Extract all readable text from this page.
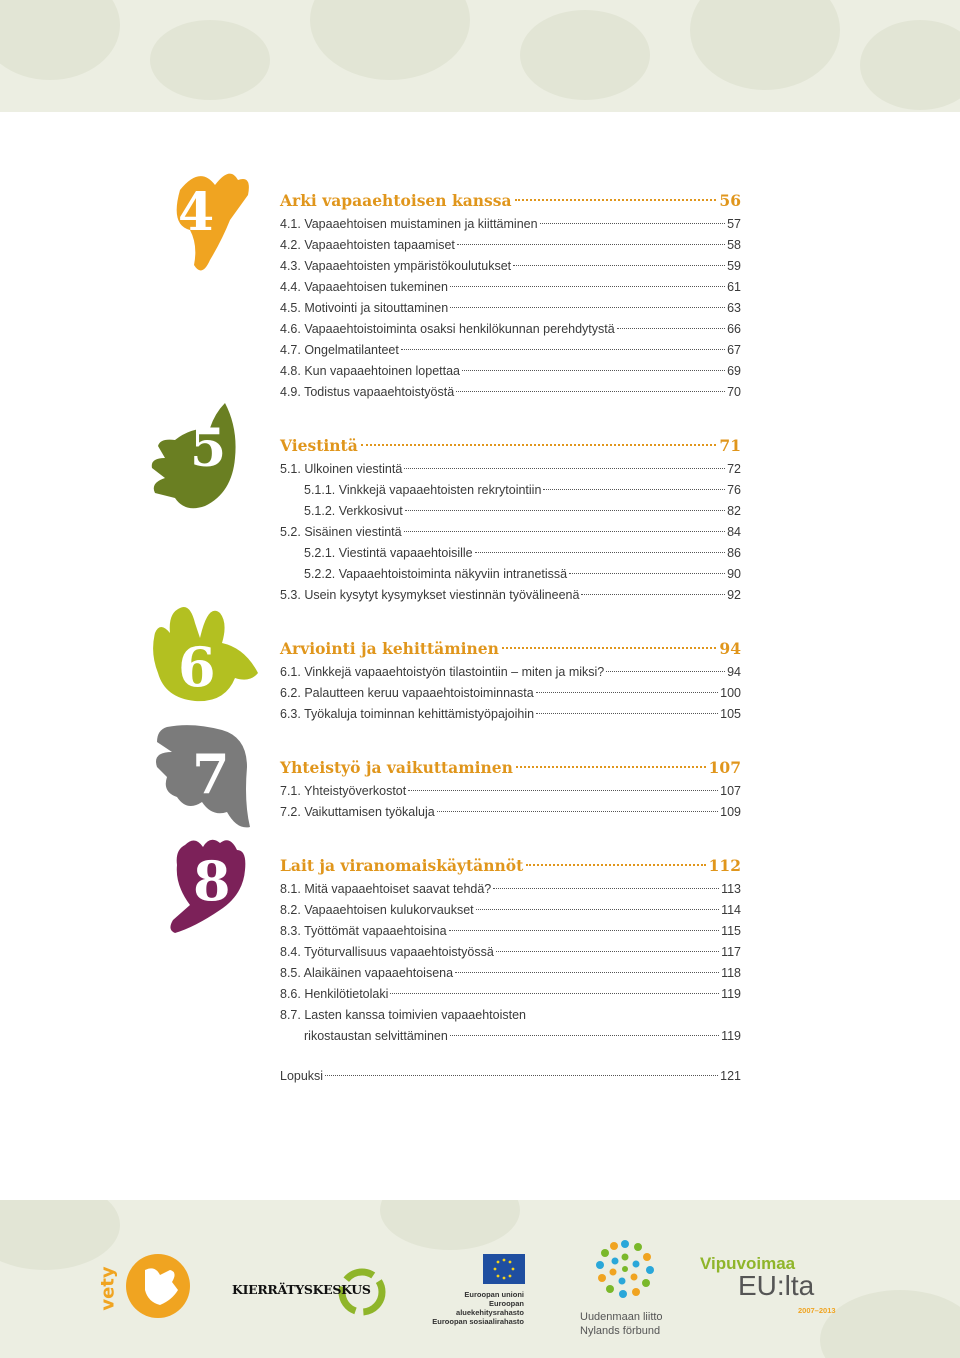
4
5
6
7
8
Arki vapaaehtoisen kanssa	56
4.1. Vapaaehtoisen muistaminen ja kiittäminen	57
4.2. Vapaaehtoisten tapaamiset	58
4.3. Vapaaehtoisten ympäristökoulutukset	59
4.4. Vapaaehtoisen tukeminen	61
4.5. Motivointi ja sitouttaminen	63
4.6. Vapaaehtoistoiminta osaksi henkilökunnan perehdytystä	66
4.7. Ongelmatilanteet	67
4.8. Kun vapaaehtoinen lopettaa	69
4.9. Todistus vapaaehtoistyöstä	70
Viestintä	71
5.1. Ulkoinen viestintä	72
5.1.1. Vinkkejä vapaaehtoisten rekrytointiin	76
5.1.2. Verkkosivut	82
5.2. Sisäinen viestintä	84
5.2.1. Viestintä vapaaehtoisille	86
5.2.2. Vapaaehtoistoiminta näkyviin intranetissä	90
5.3. Usein kysytyt kysymykset viestinnän työvälineenä	92
Arviointi ja kehittäminen	94
6.1. Vinkkejä vapaaehtoistyön tilastointiin – miten ja miksi?	94
6.2. Palautteen keruu vapaaehtoistoiminnasta	100
6.3. Työkaluja toiminnan kehittämistyöpajoihin	105
Yhteistyö ja vaikuttaminen	107
7.1. Yhteistyöverkostot	107
7.2. Vaikuttamisen työkaluja	109
Lait ja viranomaiskäytännöt	112
8.1. Mitä vapaaehtoiset saavat tehdä?	113
8.2. Vapaaehtoisen kulukorvaukset	114
8.3. Työttömät vapaaehtoisina	115
8.4. Työturvallisuus vapaaehtoistyössä	117
8.5. Alaikäinen vapaaehtoisena	118
8.6. Henkilötietolaki	119
8.7. Lasten kanssa toimivien vapaaehtoisten
rikostaustan selvittäminen	119
Lopuksi	121
vety	KIERRÄTYSKESKUS	Euroopan unioni
Euroopan aluekehitysrahasto
Euroopan sosiaalirahasto	Uudenmaan liitto
Nylands förbund
Vipuvoimaa
EU:lta
2007–2013
